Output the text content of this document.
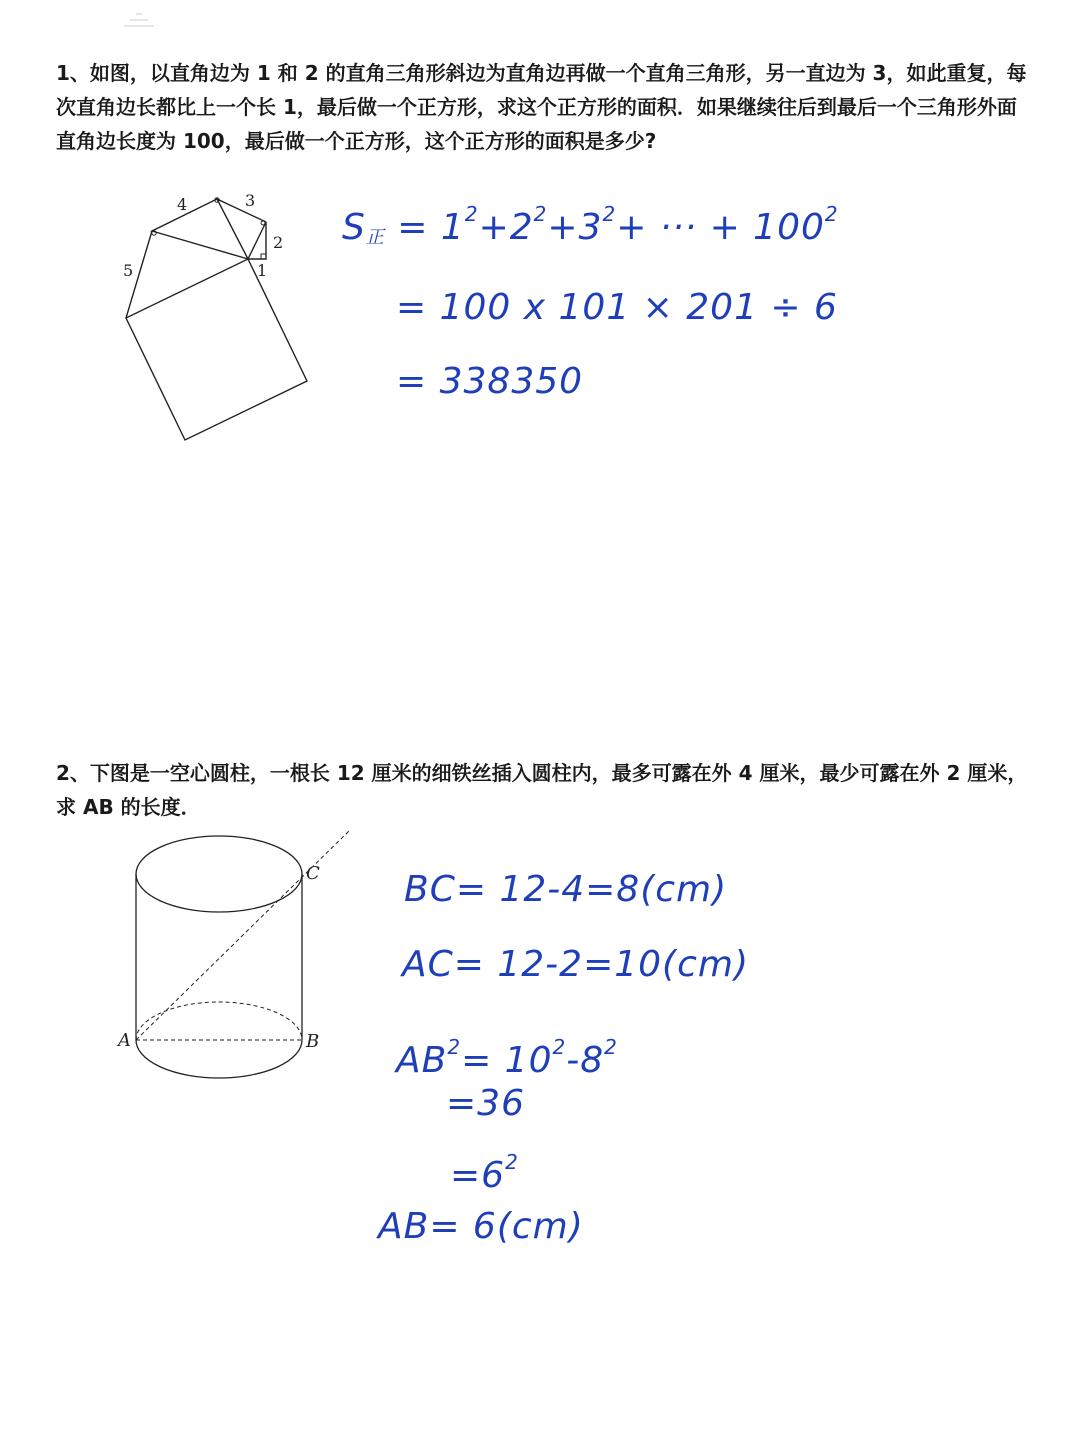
1、如图，以直角边为 1 和 2 的直角三角形斜边为直角边再做一个直角三角形，另一直边为 3，如此重复，每次直角边长都比上一个长 1，最后做一个正方形，求这个正方形的面积．如果继续往后到最后一个三角形外面直角边长度为 100，最后做一个正方形，这个正方形的面积是多少?

1
2
3
4
5

$S_正 = 1^2+2^2+3^2+$ ··· + $100^2$

= 100 x 101 × 201 ÷ 6

= 338350

2、下图是一空心圆柱，一根长 12 厘米的细铁丝插入圆柱内，最多可露在外 4 厘米，最少可露在外 2 厘米，求 AB 的长度．

A	B
C BC= 12-4=8(cm)

AC= 12-2=10(cm)

$AB^2= 10^2-8^2$

=36

$=6^2$

AB= 6(cm)
